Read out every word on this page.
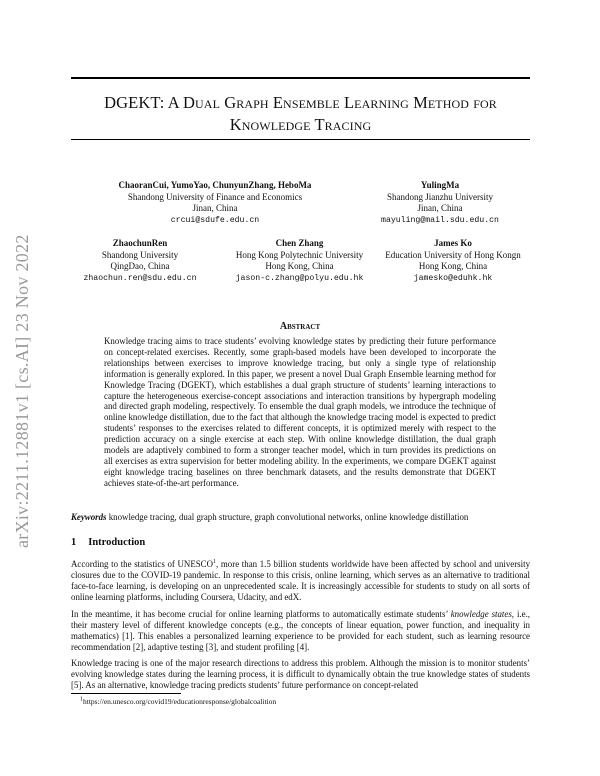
arXiv:2211.12881v1 [cs.AI] 23 Nov 2022
DGEKT: A Dual Graph Ensemble Learning Method for
Knowledge Tracing
ChaoranCui, YumoYao, ChunyunZhang, HeboMa
Shandong University of Finance and Economics
Jinan, China
crcui@sdufe.edu.cn
YulingMa
Shandong Jianzhu University
Jinan, China
mayuling@mail.sdu.edu.cn
ZhaochunRen
Shandong University
QingDao, China
zhaochun.ren@sdu.edu.cn
Chen Zhang
Hong Kong Polytechnic University
Hong Kong, China
jason-c.zhang@polyu.edu.hk
James Ko
Education University of Hong Kongn
Hong Kong, China
jamesko@eduhk.hk
Abstract
Knowledge tracing aims to trace students’ evolving knowledge states by predicting their future performance on concept-related exercises. Recently, some graph-based models have been developed to incorporate the relationships between exercises to improve knowledge tracing, but only a single type of relationship information is generally explored. In this paper, we present a novel Dual Graph Ensemble learning method for Knowledge Tracing (DGEKT), which establishes a dual graph structure of students’ learning interactions to capture the heterogeneous exercise-concept associations and interaction transitions by hypergraph modeling and directed graph modeling, respectively. To ensemble the dual graph models, we introduce the technique of online knowledge distillation, due to the fact that although the knowledge tracing model is expected to predict students’ responses to the exercises related to different concepts, it is optimized merely with respect to the prediction accuracy on a single exercise at each step. With online knowledge distillation, the dual graph models are adaptively combined to form a stronger teacher model, which in turn provides its predictions on all exercises as extra supervision for better modeling ability. In the experiments, we compare DGEKT against eight knowledge tracing baselines on three benchmark datasets, and the results demonstrate that DGEKT achieves state-of-the-art performance.
Keywords knowledge tracing, dual graph structure, graph convolutional networks, online knowledge distillation
1 Introduction
According to the statistics of UNESCO$^1$, more than 1.5 billion students worldwide have been affected by school and university closures due to the COVID-19 pandemic. In response to this crisis, online learning, which serves as an alternative to traditional face-to-face learning, is developing on an unprecedented scale. It is increasingly accessible for students to study on all sorts of online learning platforms, including Coursera, Udacity, and edX.
In the meantime, it has become crucial for online learning platforms to automatically estimate students’ knowledge states, i.e., their mastery level of different knowledge concepts (e.g., the concepts of linear equation, power function, and inequality in mathematics) [1]. This enables a personalized learning experience to be provided for each student, such as learning resource recommendation [2], adaptive testing [3], and student profiling [4].
Knowledge tracing is one of the major research directions to address this problem. Although the mission is to monitor students’ evolving knowledge states during the learning process, it is difficult to dynamically obtain the true knowledge states of students [5]. As an alternative, knowledge tracing predicts students’ future performance on concept-related
$^1$https://en.unesco.org/covid19/educationresponse/globalcoalition
